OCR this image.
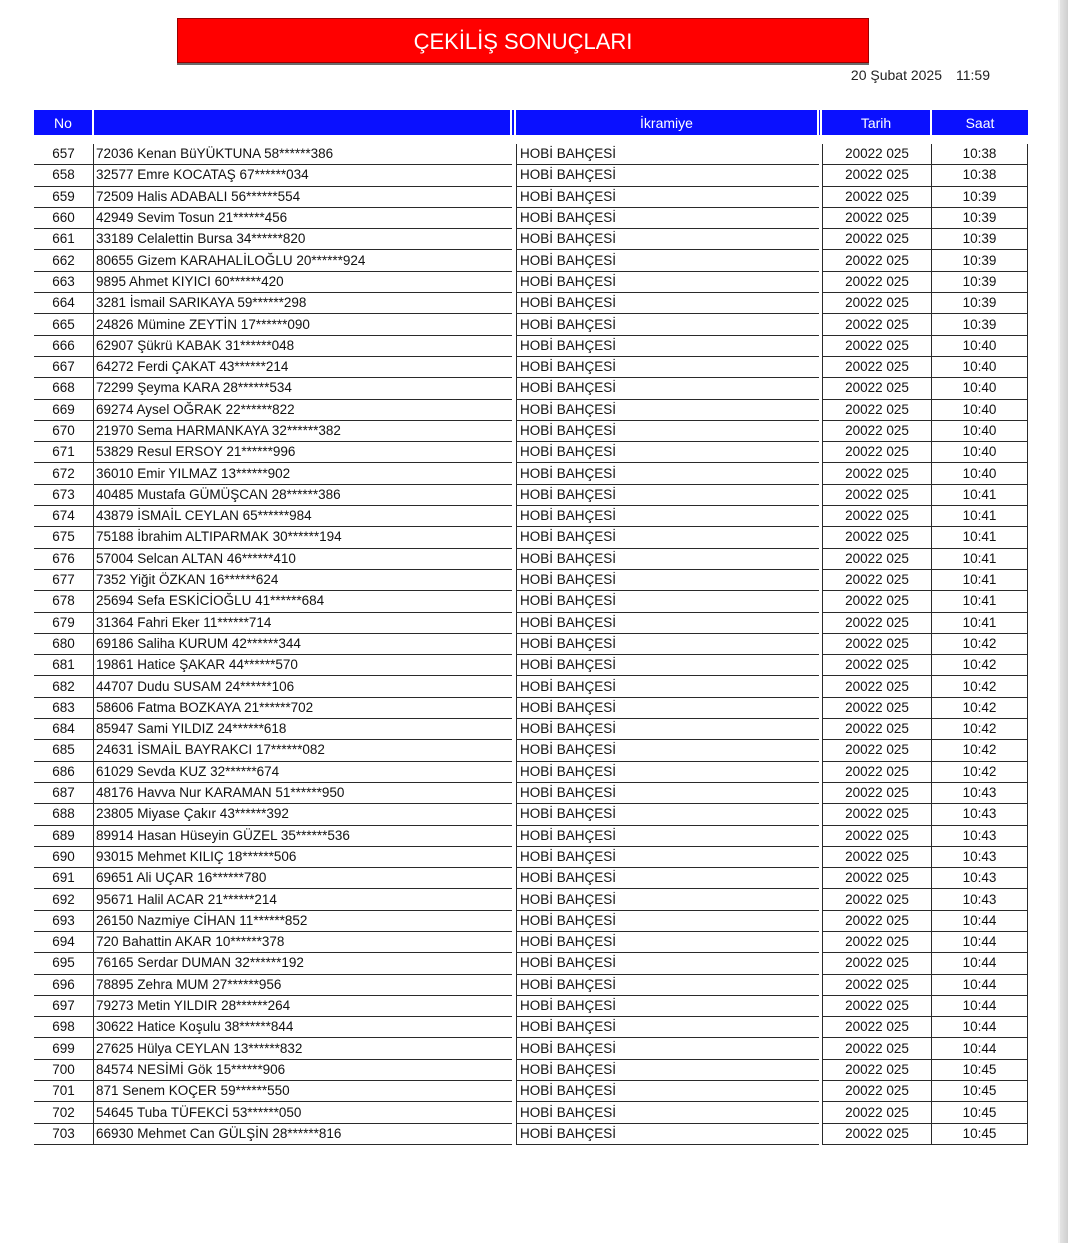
ÇEKİLİŞ SONUÇLARI
20 Şubat 2025 11:59
No			İkramiye		Tarih	Saat

657	72036 Kenan BüYÜKTUNA 58******386		HOBİ BAHÇESİ		20022 025	10:38
658	32577 Emre KOCATAŞ 67******034		HOBİ BAHÇESİ		20022 025	10:38
659	72509 Halis ADABALI 56******554		HOBİ BAHÇESİ		20022 025	10:39
660	42949 Sevim Tosun 21******456		HOBİ BAHÇESİ		20022 025	10:39
661	33189 Celalettin Bursa 34******820		HOBİ BAHÇESİ		20022 025	10:39
662	80655 Gizem KARAHALİLOĞLU 20******924		HOBİ BAHÇESİ		20022 025	10:39
663	9895 Ahmet KIYICI 60******420		HOBİ BAHÇESİ		20022 025	10:39
664	3281 İsmail SARIKAYA 59******298		HOBİ BAHÇESİ		20022 025	10:39
665	24826 Mümine ZEYTİN 17******090		HOBİ BAHÇESİ		20022 025	10:39
666	62907 Şükrü KABAK 31******048		HOBİ BAHÇESİ		20022 025	10:40
667	64272 Ferdi ÇAKAT 43******214		HOBİ BAHÇESİ		20022 025	10:40
668	72299 Şeyma KARA 28******534		HOBİ BAHÇESİ		20022 025	10:40
669	69274 Aysel OĞRAK 22******822		HOBİ BAHÇESİ		20022 025	10:40
670	21970 Sema HARMANKAYA 32******382		HOBİ BAHÇESİ		20022 025	10:40
671	53829 Resul ERSOY 21******996		HOBİ BAHÇESİ		20022 025	10:40
672	36010 Emir YILMAZ 13******902		HOBİ BAHÇESİ		20022 025	10:40
673	40485 Mustafa GÜMÜŞCAN 28******386		HOBİ BAHÇESİ		20022 025	10:41
674	43879 İSMAİL CEYLAN 65******984		HOBİ BAHÇESİ		20022 025	10:41
675	75188 İbrahim ALTIPARMAK 30******194		HOBİ BAHÇESİ		20022 025	10:41
676	57004 Selcan ALTAN 46******410		HOBİ BAHÇESİ		20022 025	10:41
677	7352 Yiğit ÖZKAN 16******624		HOBİ BAHÇESİ		20022 025	10:41
678	25694 Sefa ESKİCİOĞLU 41******684		HOBİ BAHÇESİ		20022 025	10:41
679	31364 Fahri Eker 11******714		HOBİ BAHÇESİ		20022 025	10:41
680	69186 Saliha KURUM 42******344		HOBİ BAHÇESİ		20022 025	10:42
681	19861 Hatice ŞAKAR 44******570		HOBİ BAHÇESİ		20022 025	10:42
682	44707 Dudu SUSAM 24******106		HOBİ BAHÇESİ		20022 025	10:42
683	58606 Fatma BOZKAYA 21******702		HOBİ BAHÇESİ		20022 025	10:42
684	85947 Sami YILDIZ 24******618		HOBİ BAHÇESİ		20022 025	10:42
685	24631 İSMAİL BAYRAKCI 17******082		HOBİ BAHÇESİ		20022 025	10:42
686	61029 Sevda KUZ 32******674		HOBİ BAHÇESİ		20022 025	10:42
687	48176 Havva Nur KARAMAN 51******950		HOBİ BAHÇESİ		20022 025	10:43
688	23805 Miyase Çakır 43******392		HOBİ BAHÇESİ		20022 025	10:43
689	89914 Hasan Hüseyin GÜZEL 35******536		HOBİ BAHÇESİ		20022 025	10:43
690	93015 Mehmet KILIÇ 18******506		HOBİ BAHÇESİ		20022 025	10:43
691	69651 Ali UÇAR 16******780		HOBİ BAHÇESİ		20022 025	10:43
692	95671 Halil ACAR 21******214		HOBİ BAHÇESİ		20022 025	10:43
693	26150 Nazmiye CİHAN 11******852		HOBİ BAHÇESİ		20022 025	10:44
694	720 Bahattin AKAR 10******378		HOBİ BAHÇESİ		20022 025	10:44
695	76165 Serdar DUMAN 32******192		HOBİ BAHÇESİ		20022 025	10:44
696	78895 Zehra MUM 27******956		HOBİ BAHÇESİ		20022 025	10:44
697	79273 Metin YILDIR 28******264		HOBİ BAHÇESİ		20022 025	10:44
698	30622 Hatice Koşulu 38******844		HOBİ BAHÇESİ		20022 025	10:44
699	27625 Hülya CEYLAN 13******832		HOBİ BAHÇESİ		20022 025	10:44
700	84574 NESİMİ Gök 15******906		HOBİ BAHÇESİ		20022 025	10:45
701	871 Senem KOÇER 59******550		HOBİ BAHÇESİ		20022 025	10:45
702	54645 Tuba TÜFEKCİ 53******050		HOBİ BAHÇESİ		20022 025	10:45
703	66930 Mehmet Can GÜLŞİN 28******816		HOBİ BAHÇESİ		20022 025	10:45
